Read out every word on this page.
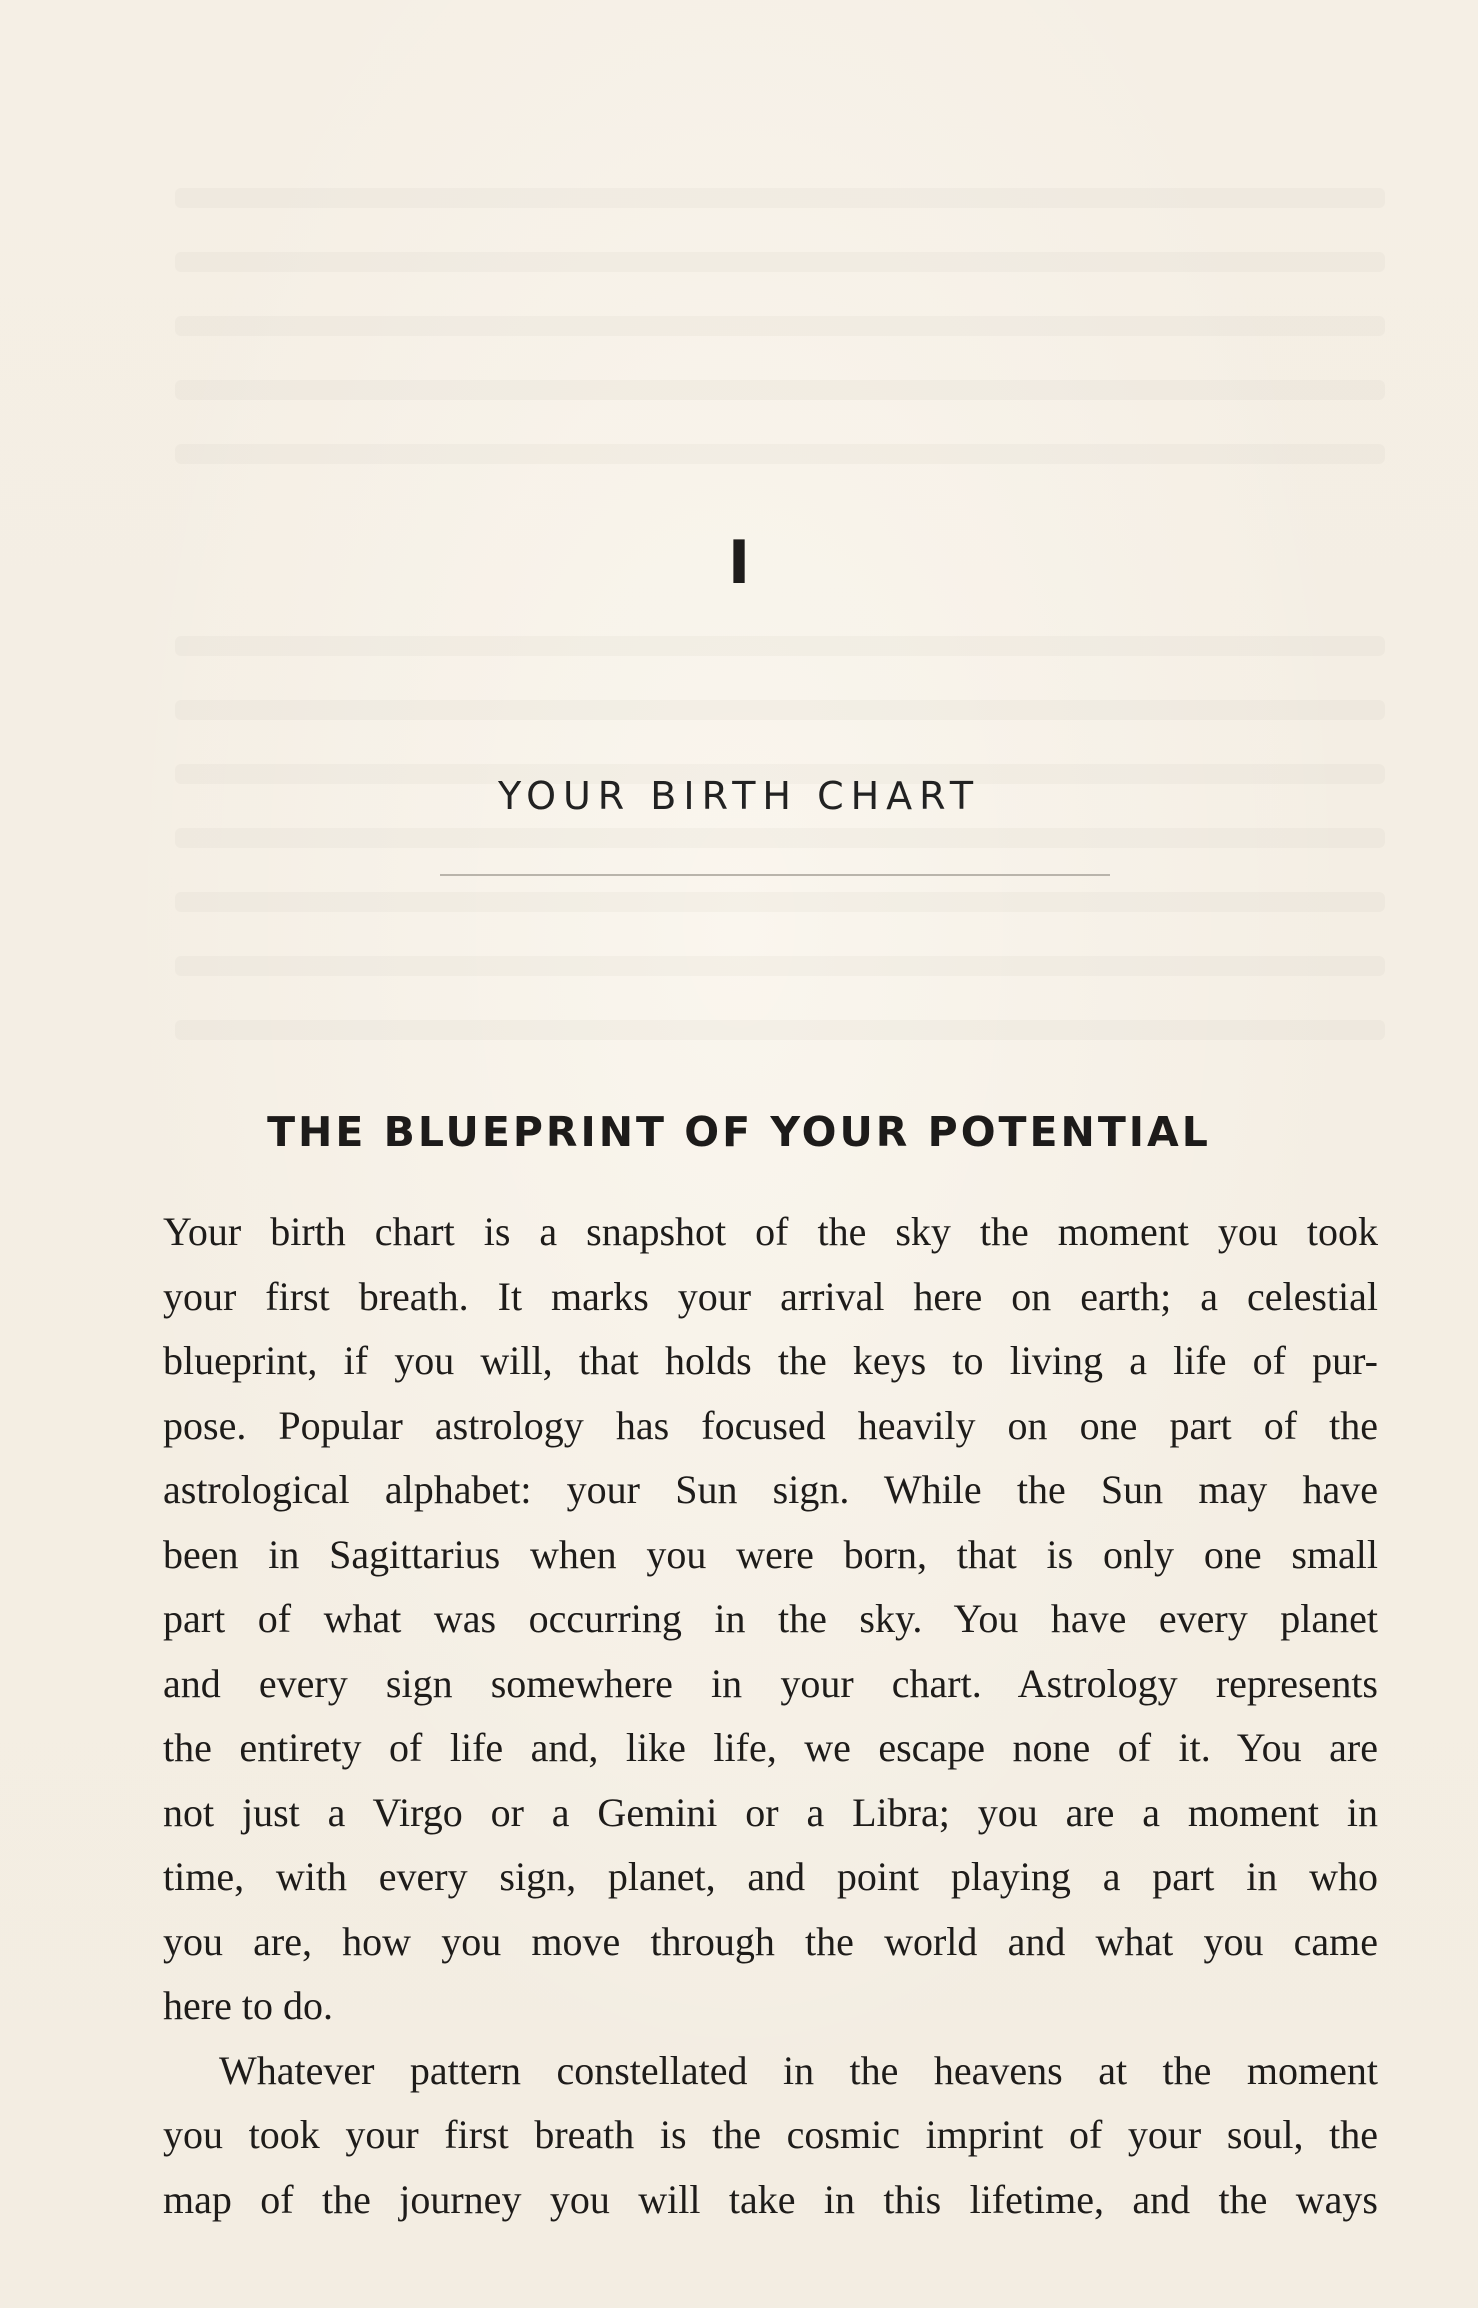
I
YOUR BIRTH CHART
THE BLUEPRINT OF YOUR POTENTIAL

Your birth chart is a snapshot of the sky the moment you took
your first breath. It marks your arrival here on earth; a celestial
blueprint, if you will, that holds the keys to living a life of pur-
pose. Popular astrology has focused heavily on one part of the
astrological alphabet: your Sun sign. While the Sun may have
been in Sagittarius when you were born, that is only one small
part of what was occurring in the sky. You have every planet
and every sign somewhere in your chart. Astrology represents
the entirety of life and, like life, we escape none of it. You are
not just a Virgo or a Gemini or a Libra; you are a moment in
time, with every sign, planet, and point playing a part in who
you are, how you move through the world and what you came
here to do.

Whatever pattern constellated in the heavens at the moment
you took your first breath is the cosmic imprint of your soul, the
map of the journey you will take in this lifetime, and the ways
